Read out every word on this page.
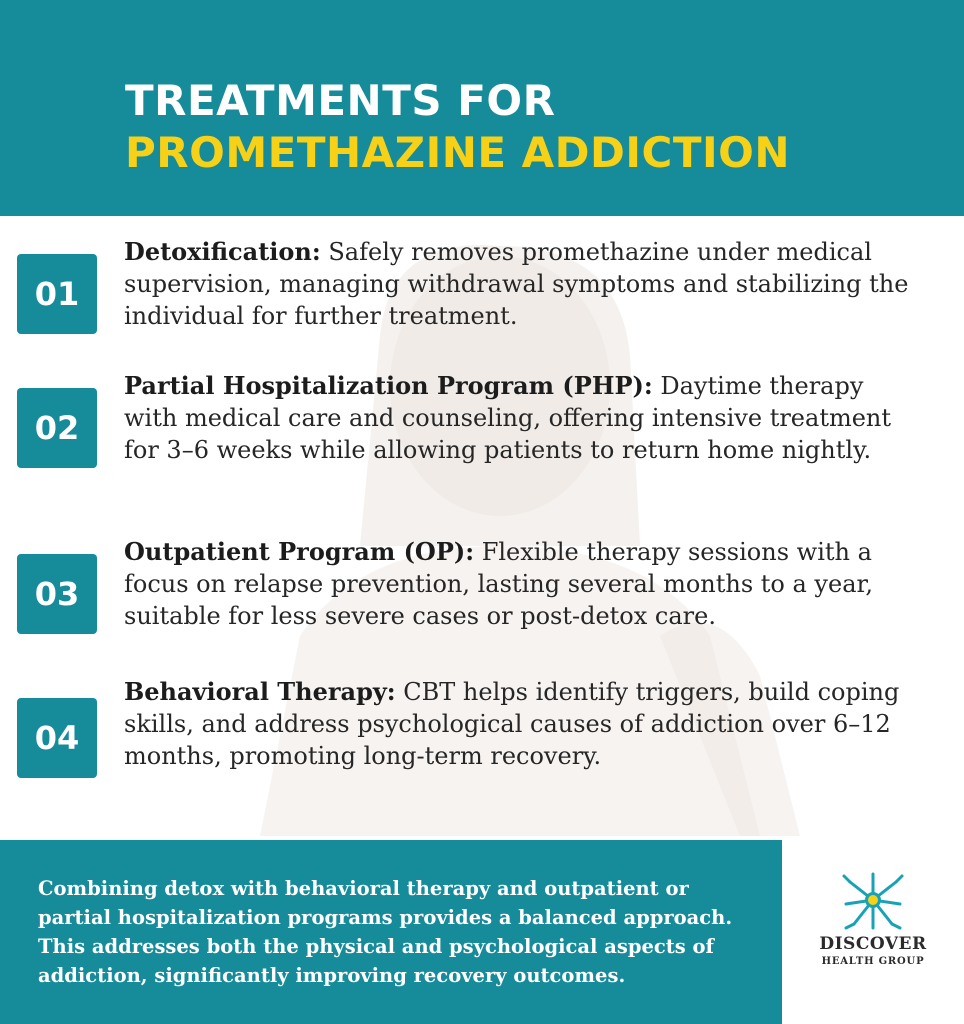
TREATMENTS FOR
PROMETHAZINE ADDICTION
01

Detoxification: Safely removes promethazine under medical supervision, managing withdrawal symptoms and stabilizing the individual for further treatment.

02

Partial Hospitalization Program (PHP): Daytime therapy with medical care and counseling, offering intensive treatment for 3–6 weeks while allowing patients to return home nightly.

03

Outpatient Program (OP): Flexible therapy sessions with a focus on relapse prevention, lasting several months to a year, suitable for less severe cases or post-detox care.

04

Behavioral Therapy: CBT helps identify triggers, build coping skills, and address psychological causes of addiction over 6–12 months, promoting long-term recovery.

Combining detox with behavioral therapy and outpatient or partial hospitalization programs provides a balanced approach. This addresses both the physical and psychological aspects of addiction, significantly improving recovery outcomes.

DISCOVER
HEALTH GROUP
